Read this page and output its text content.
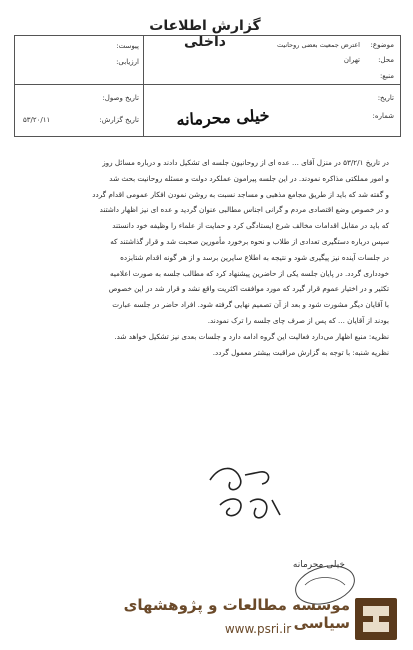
گزارش اطلاعات داخلی	موضوع:
اعترض جمعیت بعضی روحانیت
محل:
تهران
منبع:
تاریخ:
شماره:
پیوست:
ارزیابی:
تاریخ وصول:
تاریخ گزارش:
۵۳/۲۰/۱۱	خیلی محرمانه
در تاریخ ۵۳/۲/۱ در منزل آقای ... عده ای از روحانیون جلسه ای تشکیل دادند و درباره مسائل روز
و امور مملکتی مذاکره نمودند. در این جلسه پیرامون عملکرد دولت و مسئله روحانیت بحث شد
و گفته شد که باید از طریق مجامع مذهبی و مساجد نسبت به روشن نمودن افکار عمومی اقدام گردد
و در خصوص وضع اقتصادی مردم و گرانی اجناس مطالبی عنوان گردید و عده ای نیز اظهار داشتند
که باید در مقابل اقدامات مخالف شرع ایستادگی کرد و حمایت از علماء را وظیفه خود دانستند
سپس درباره دستگیری تعدادی از طلاب و نحوه برخورد مأمورین صحبت شد و قرار گذاشتند که
در جلسات آینده نیز پیگیری شود و نتیجه به اطلاع سایرین برسد و از هر گونه اقدام شتابزده
خودداری گردد. در پایان جلسه یکی از حاضرین پیشنهاد کرد که مطالب جلسه به صورت اعلامیه
تکثیر و در اختیار عموم قرار گیرد که مورد موافقت اکثریت واقع نشد و قرار شد در این خصوص
با آقایان دیگر مشورت شود و بعد از آن تصمیم نهایی گرفته شود. افراد حاضر در جلسه عبارت
بودند از آقایان ... که پس از صرف چای جلسه را ترک نمودند.
نظریه: منبع اظهار می‌دارد فعالیت این گروه ادامه دارد و جلسات بعدی نیز تشکیل خواهد شد.
نظریه شنبه: با توجه به گزارش مراقبت بیشتر معمول گردد.
خیلی محرمانه
موسسه مطالعات و پژوهشهای سیاسی
www.psri.ir
